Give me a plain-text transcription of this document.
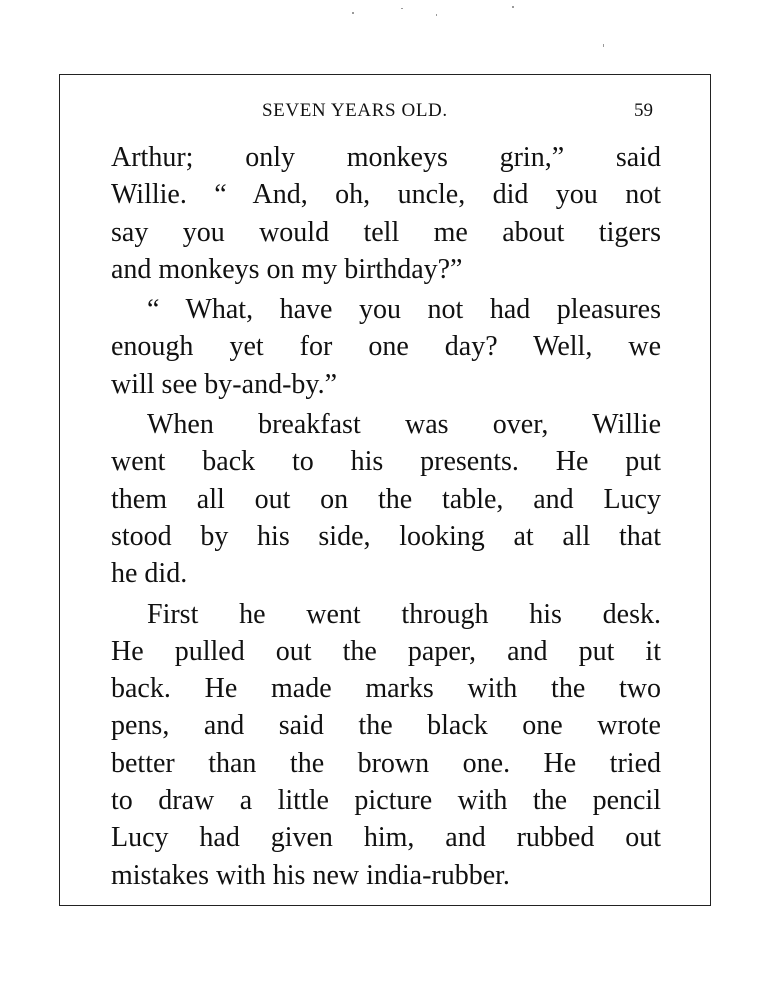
SEVEN YEARS OLD.	59
Arthur; only monkeys grin,” said
Willie. “ And, oh, uncle, did you not
say you would tell me about tigers
and monkeys on my birthday?”
“ What, have you not had pleasures
enough yet for one day? Well, we
will see by-and-by.”
When breakfast was over, Willie
went back to his presents. He put
them all out on the table, and Lucy
stood by his side, looking at all that
he did.
First he went through his desk.
He pulled out the paper, and put it
back. He made marks with the two
pens, and said the black one wrote
better than the brown one. He tried
to draw a little picture with the pencil
Lucy had given him, and rubbed out
mistakes with his new india-rubber.
